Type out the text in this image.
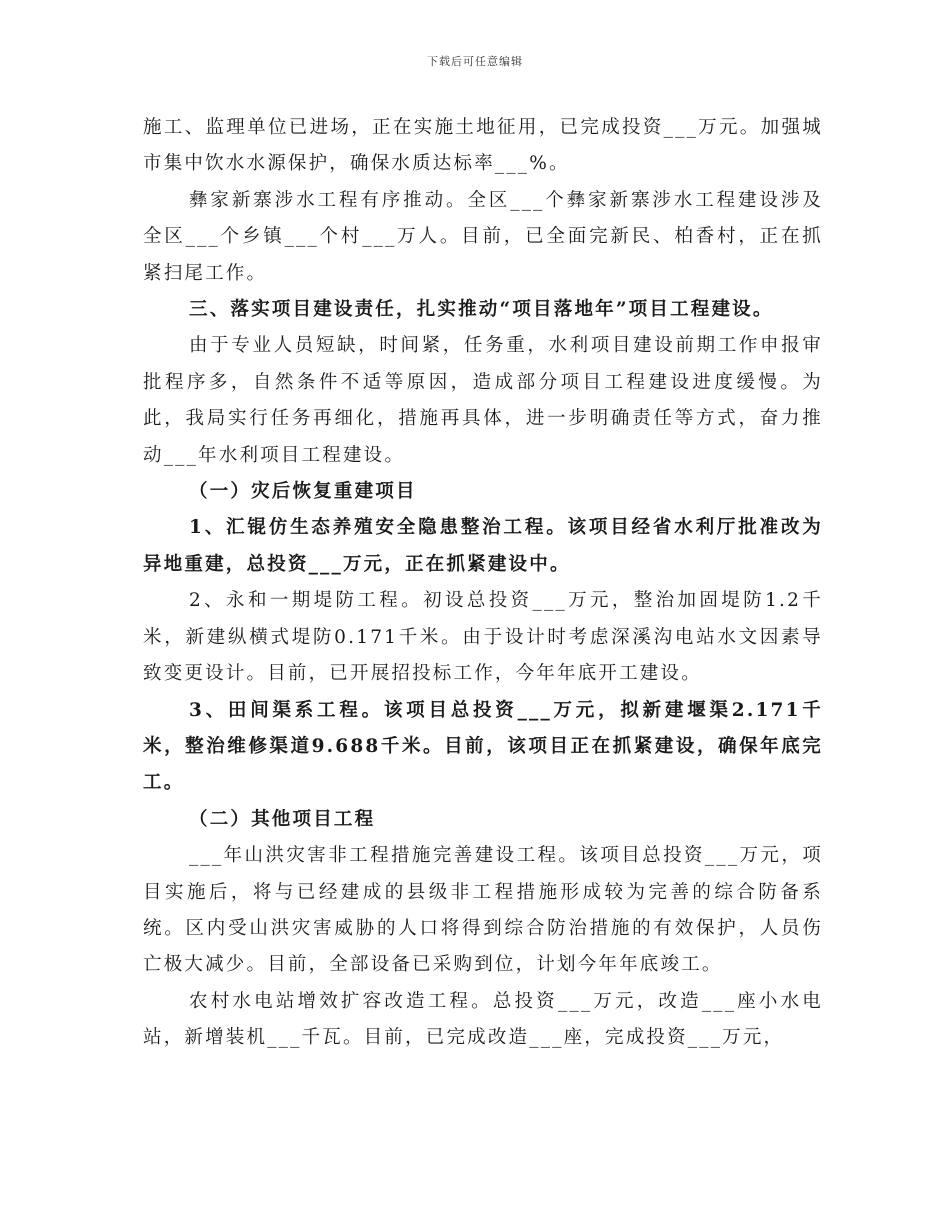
下载后可任意编辑

施工、监理单位已进场，正在实施土地征用，已完成投资___万元。加强城市集中饮水水源保护，确保水质达标率___%。

彝家新寨涉水工程有序推动。全区___个彝家新寨涉水工程建设涉及全区___个乡镇___个村___万人。目前，已全面完新民、柏香村，正在抓紧扫尾工作。

三、落实项目建设责任，扎实推动“项目落地年”项目工程建设。

由于专业人员短缺，时间紧，任务重，水利项目建设前期工作申报审批程序多，自然条件不适等原因，造成部分项目工程建设进度缓慢。为此，我局实行任务再细化，措施再具体，进一步明确责任等方式，奋力推动___年水利项目工程建设。

（一）灾后恢复重建项目

1、汇锟仿生态养殖安全隐患整治工程。该项目经省水利厅批准改为异地重建，总投资___万元，正在抓紧建设中。

2、永和一期堤防工程。初设总投资___万元，整治加固堤防1.2千米，新建纵横式堤防0.171千米。由于设计时考虑深溪沟电站水文因素导致变更设计。目前，已开展招投标工作，今年年底开工建设。

3、田间渠系工程。该项目总投资___万元，拟新建堰渠2.171千米，整治维修渠道9.688千米。目前，该项目正在抓紧建设，确保年底完工。

（二）其他项目工程

___年山洪灾害非工程措施完善建设工程。该项目总投资___万元，项目实施后，将与已经建成的县级非工程措施形成较为完善的综合防备系统。区内受山洪灾害威胁的人口将得到综合防治措施的有效保护，人员伤亡极大减少。目前，全部设备已采购到位，计划今年年底竣工。

农村水电站增效扩容改造工程。总投资___万元，改造___座小水电站，新增装机___千瓦。目前，已完成改造___座，完成投资___万元，
